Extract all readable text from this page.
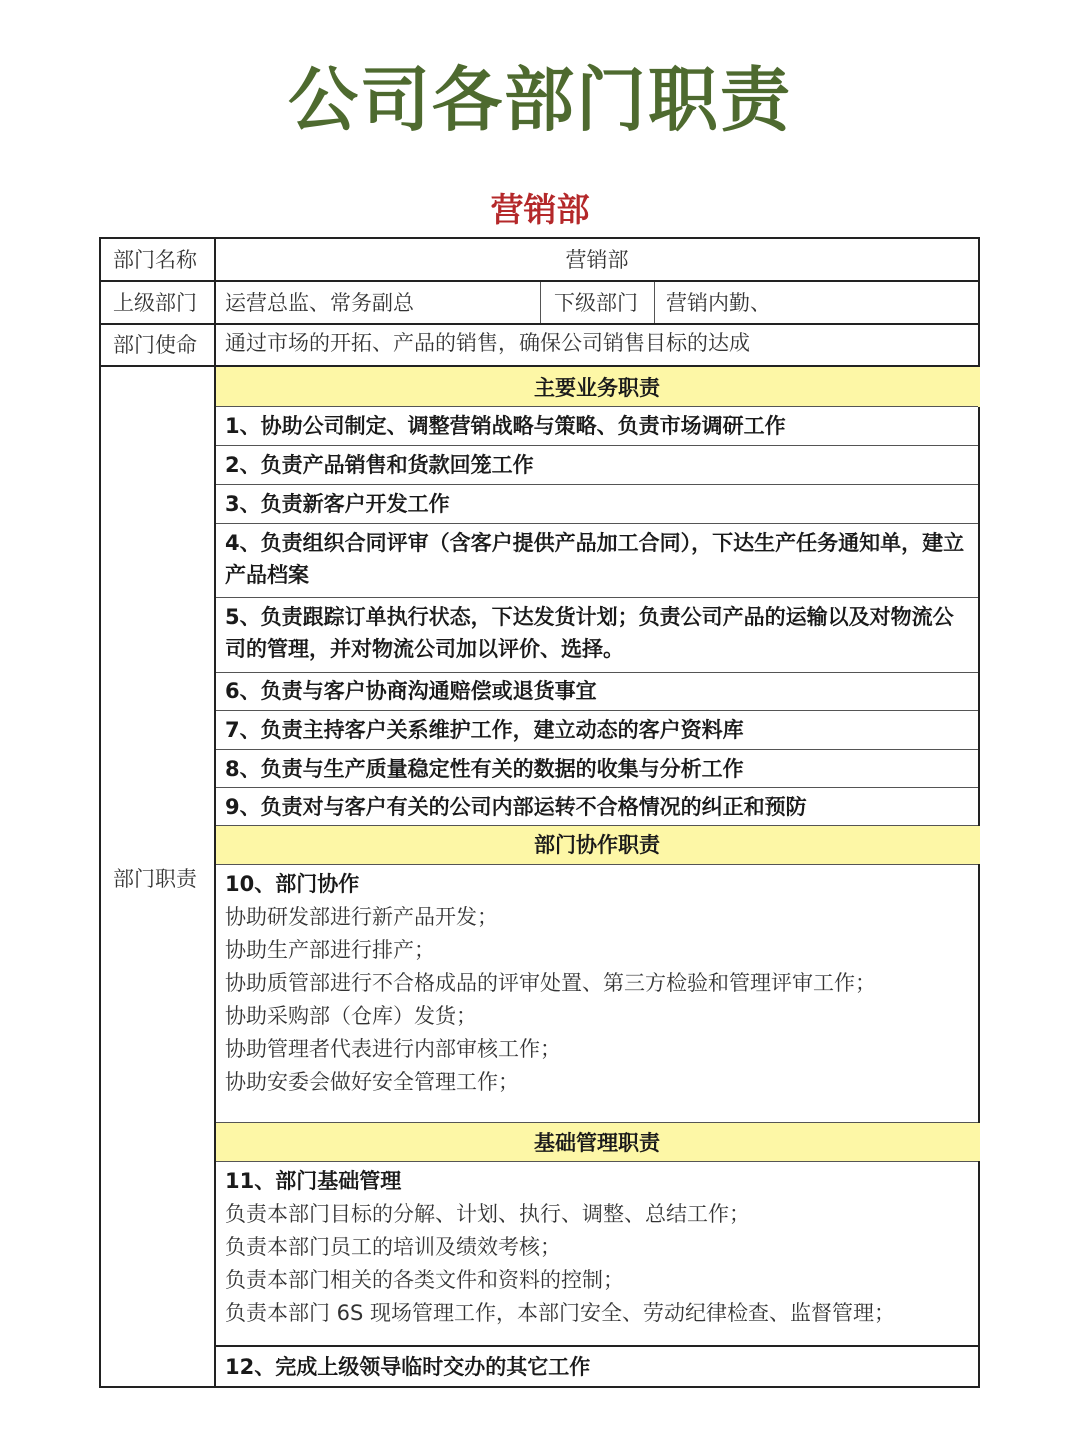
公司各部门职责
营销部
部门名称	营销部
上级部门	运营总监、常务副总	下级部门	营销内勤、
部门使命	通过市场的开拓、产品的销售，确保公司销售目标的达成
部门职责
主要业务职责
1、协助公司制定、调整营销战略与策略、负责市场调研工作
2、负责产品销售和货款回笼工作
3、负责新客户开发工作
4、负责组织合同评审（含客户提供产品加工合同），下达生产任务通知单，建立产品档案
5、负责跟踪订单执行状态，下达发货计划；负责公司产品的运输以及对物流公司的管理，并对物流公司加以评价、选择。
6、负责与客户协商沟通赔偿或退货事宜
7、负责主持客户关系维护工作，建立动态的客户资料库
8、负责与生产质量稳定性有关的数据的收集与分析工作
9、负责对与客户有关的公司内部运转不合格情况的纠正和预防
部门协作职责
10、部门协作
协助研发部进行新产品开发；
协助生产部进行排产；
协助质管部进行不合格成品的评审处置、第三方检验和管理评审工作；
协助采购部（仓库）发货；
协助管理者代表进行内部审核工作；
协助安委会做好安全管理工作；
基础管理职责
11、部门基础管理
负责本部门目标的分解、计划、执行、调整、总结工作；
负责本部门员工的培训及绩效考核；
负责本部门相关的各类文件和资料的控制；
负责本部门 6S 现场管理工作，本部门安全、劳动纪律检查、监督管理；
12、完成上级领导临时交办的其它工作
